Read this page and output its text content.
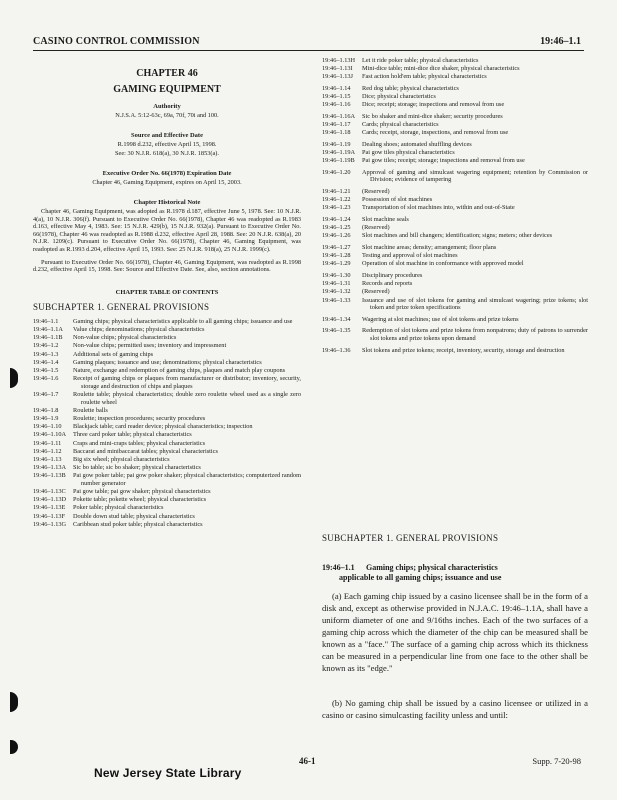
CASINO CONTROL COMMISSION	19:46–1.1
CHAPTER 46
GAMING EQUIPMENT
Authority
N.J.S.A. 5:12-63c, 69a, 70f, 70i and 100.
Source and Effective Date
R.1998 d.232, effective April 15, 1998.
See: 30 N.J.R. 618(a), 30 N.J.R. 1853(a).
Executive Order No. 66(1978) Expiration Date
Chapter 46, Gaming Equipment, expires on April 15, 2003.
Chapter Historical Note
Chapter 46, Gaming Equipment, was adopted as R.1978 d.187, effective June 5, 1978. See: 10 N.J.R. 4(a), 10 N.J.R. 306(f). Pursuant to Executive Order No. 66(1978), Chapter 46 was readopted as R.1983 d.163, effective May 4, 1983. See: 15 N.J.R. 429(b), 15 N.J.R. 932(a). Pursuant to Executive Order No. 66(1978), Chapter 46 was readopted as R.1988 d.232, effective April 28, 1988. See: 20 N.J.R. 638(a), 20 N.J.R. 1209(c). Pursuant to Executive Order No. 66(1978), Chapter 46, Gaming Equipment, was readopted as R.1993 d.204, effective April 15, 1993. See: 25 N.J.R. 918(a), 25 N.J.R. 1999(c).
Pursuant to Executive Order No. 66(1978), Chapter 46, Gaming Equipment, was readopted as R.1998 d.232, effective April 15, 1998. See: Source and Effective Date. See, also, section annotations.
CHAPTER TABLE OF CONTENTS
SUBCHAPTER 1. GENERAL PROVISIONS
19:46–1.1	Gaming chips; physical characteristics applicable to all gaming chips; issuance and use
19:46–1.1A	Value chips; denominations; physical characteristics
19:46–1.1B	Non-value chips; physical characteristics
19:46–1.2	Non-value chips; permitted uses; inventory and impressment
19:46–1.3	Additional sets of gaming chips
19:46–1.4	Gaming plaques; issuance and use; denominations; physical characteristics
19:46–1.5	Nature, exchange and redemption of gaming chips, plaques and match play coupons
19:46–1.6	Receipt of gaming chips or plaques from manufacturer or distributor; inventory, security, storage and destruction of chips and plaques
19:46–1.7	Roulette table; physical characteristics; double zero roulette wheel used as a single zero roulette wheel
19:46–1.8	Roulette balls
19:46–1.9	Roulette; inspection procedures; security procedures
19:46–1.10	Blackjack table; card reader device; physical characteristics; inspection
19:46–1.10A	Three card poker table; physical characteristics
19:46–1.11	Craps and mini-craps tables; physical characteristics
19:46–1.12	Baccarat and minibaccarat tables; physical characteristics
19:46–1.13	Big six wheel; physical characteristics
19:46–1.13A	Sic bo table; sic bo shaker; physical characteristics
19:46–1.13B	Pai gow poker table; pai gow poker shaker; physical characteristics; computerized random number generator
19:46–1.13C	Pai gow table; pai gow shaker; physical characteristics
19:46–1.13D	Pokette table; pokette wheel; physical characteristics
19:46–1.13E	Poker table; physical characteristics
19:46–1.13F	Double down stud table; physical characteristics
19:46–1.13G	Caribbean stud poker table; physical characteristics
19:46–1.13H	Let it ride poker table; physical characteristics
19:46–1.13I	Mini-dice table; mini-dice dice shaker, physical characteristics
19:46–1.13J	Fast action hold'em table; physical characteristics
19:46–1.14	Red dog table; physical characteristics
19:46–1.15	Dice; physical characteristics
19:46–1.16	Dice; receipt; storage; inspections and removal from use
19:46–1.16A	Sic bo shaker and mini-dice shaker; security procedures
19:46–1.17	Cards; physical characteristics
19:46–1.18	Cards; receipt, storage, inspections, and removal from use
19:46–1.19	Dealing shoes; automated shuffling devices
19:46–1.19A	Pai gow tiles physical characteristics
19:46–1.19B	Pai gow tiles; receipt; storage; inspections and removal from use
19:46–1.20	Approval of gaming and simulcast wagering equipment; retention by Commission or Division; evidence of tampering
19:46–1.21	(Reserved)
19:46–1.22	Possession of slot machines
19:46–1.23	Transportation of slot machines into, within and out-of-State
19:46–1.24	Slot machine seals
19:46–1.25	(Reserved)
19:46–1.26	Slot machines and bill changers; identification; signs; meters; other devices
19:46–1.27	Slot machine areas; density; arrangement; floor plans
19:46–1.28	Testing and approval of slot machines
19:46–1.29	Operation of slot machine in conformance with approved model
19:46–1.30	Disciplinary procedures
19:46–1.31	Records and reports
19:46–1.32	(Reserved)
19:46–1.33	Issuance and use of slot tokens for gaming and simulcast wagering; prize tokens; slot token and prize token specifications
19:46–1.34	Wagering at slot machines; use of slot tokens and prize tokens
19:46–1.35	Redemption of slot tokens and prize tokens from nonpatrons; duty of patrons to surrender slot tokens and prize tokens upon demand
19:46–1.36	Slot tokens and prize tokens; receipt, inventory, security, storage and destruction
SUBCHAPTER 1. GENERAL PROVISIONS
19:46–1.1 Gaming chips; physical characteristics
applicable to all gaming chips; issuance and use
(a) Each gaming chip issued by a casino licensee shall be in the form of a disk and, except as otherwise provided in N.J.A.C. 19:46–1.1A, shall have a uniform diameter of one and 9/16ths inches. Each of the two surfaces of a gaming chip across which the diameter of the chip can be measured shall be known as a "face." The surface of a gaming chip across which its thickness can be measured in a perpendicular line from one face to the other shall be known as its "edge."
(b) No gaming chip shall be issued by a casino licensee or utilized in a casino or casino simulcasting facility unless and until:
New Jersey State Library
46-1	Supp. 7-20-98
